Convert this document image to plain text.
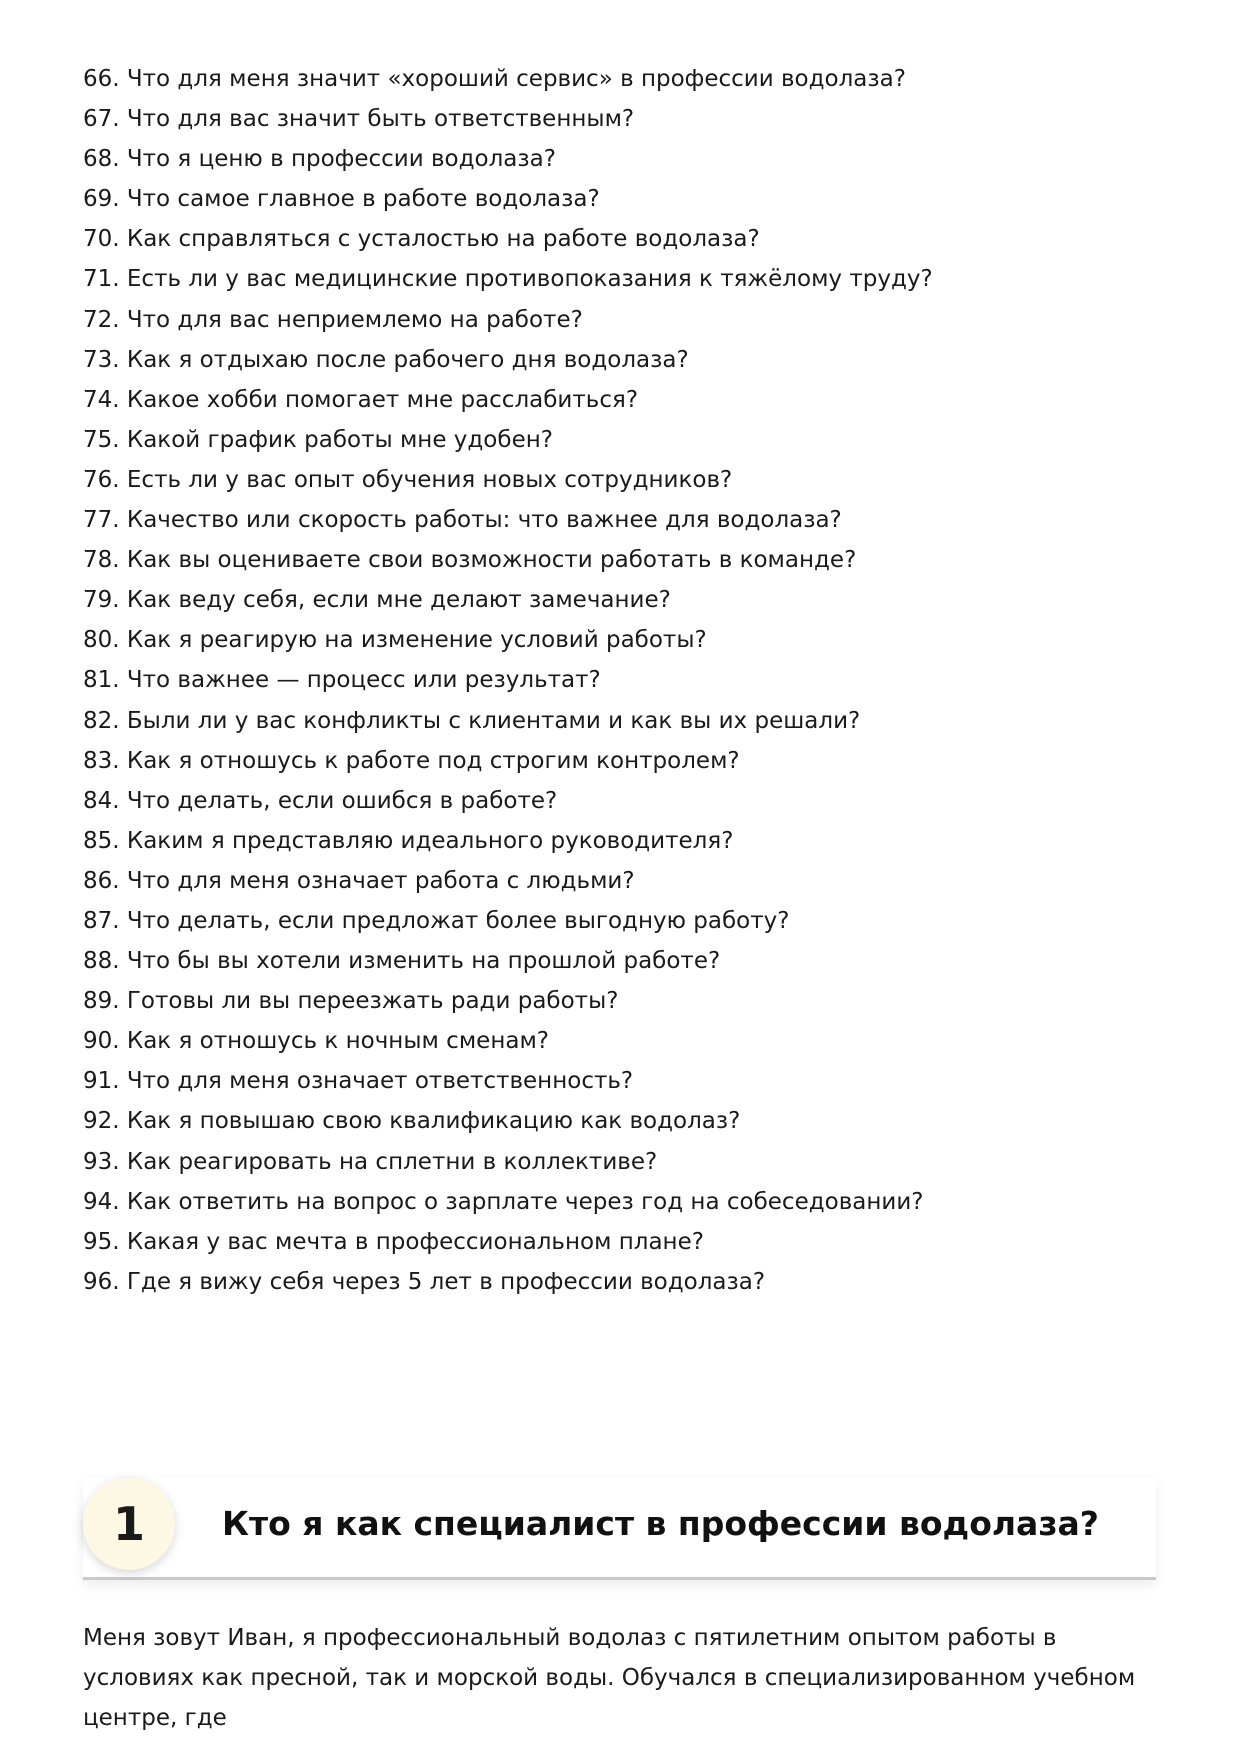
66. Что для меня значит «хороший сервис» в профессии водолаза?
67. Что для вас значит быть ответственным?
68. Что я ценю в профессии водолаза?
69. Что самое главное в работе водолаза?
70. Как справляться с усталостью на работе водолаза?
71. Есть ли у вас медицинские противопоказания к тяжёлому труду?
72. Что для вас неприемлемо на работе?
73. Как я отдыхаю после рабочего дня водолаза?
74. Какое хобби помогает мне расслабиться?
75. Какой график работы мне удобен?
76. Есть ли у вас опыт обучения новых сотрудников?
77. Качество или скорость работы: что важнее для водолаза?
78. Как вы оцениваете свои возможности работать в команде?
79. Как веду себя, если мне делают замечание?
80. Как я реагирую на изменение условий работы?
81. Что важнее — процесс или результат?
82. Были ли у вас конфликты с клиентами и как вы их решали?
83. Как я отношусь к работе под строгим контролем?
84. Что делать, если ошибся в работе?
85. Каким я представляю идеального руководителя?
86. Что для меня означает работа с людьми?
87. Что делать, если предложат более выгодную работу?
88. Что бы вы хотели изменить на прошлой работе?
89. Готовы ли вы переезжать ради работы?
90. Как я отношусь к ночным сменам?
91. Что для меня означает ответственность?
92. Как я повышаю свою квалификацию как водолаз?
93. Как реагировать на сплетни в коллективе?
94. Как ответить на вопрос о зарплате через год на собеседовании?
95. Какая у вас мечта в профессиональном плане?
96. Где я вижу себя через 5 лет в профессии водолаза?
1	Кто я как специалист в профессии водолаза?

Меня зовут Иван, я профессиональный водолаз с пятилетним опытом работы в условиях как пресной, так и морской воды. Обучался в специализированном учебном центре, где
